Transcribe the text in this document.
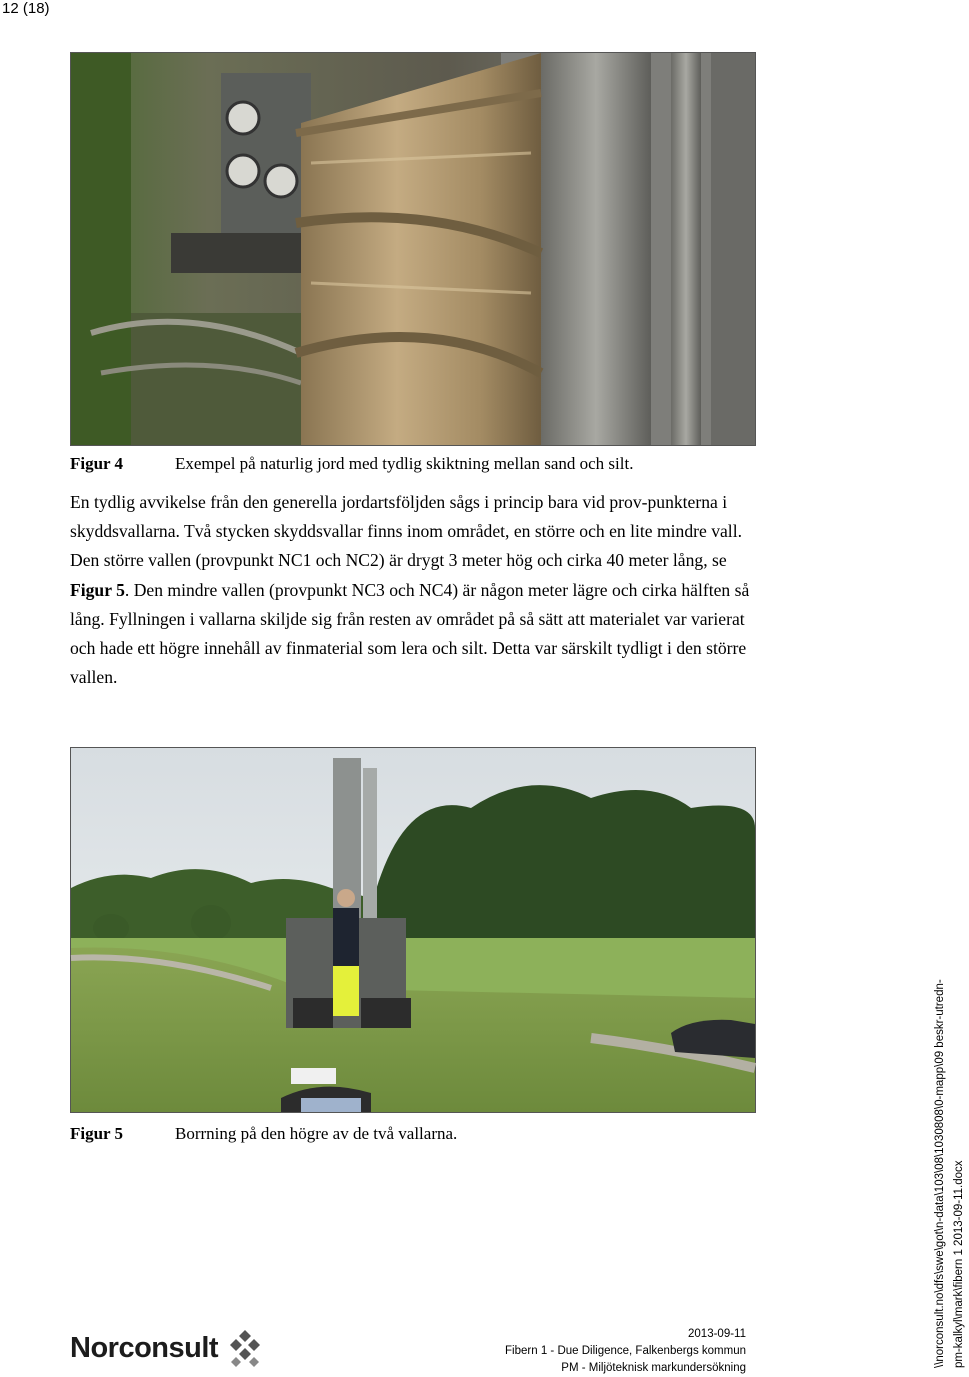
12 (18)
Figur 4	Exempel på naturlig jord med tydlig skiktning mellan sand och silt.

En tydlig avvikelse från den generella jordartsföljden sågs i princip bara vid prov-punkterna i skyddsvallarna. Två stycken skyddsvallar finns inom området, en större och en lite mindre vall. Den större vallen (provpunkt NC1 och NC2) är drygt 3 meter hög och cirka 40 meter lång, se Figur 5. Den mindre vallen (provpunkt NC3 och NC4) är någon meter lägre och cirka hälften så lång. Fyllningen i vallarna skiljde sig från resten av området på så sätt att materialet var varierat och hade ett högre innehåll av finmaterial som lera och silt. Detta var särskilt tydligt i den större vallen.

Figur 5	Borrning på den högre av de två vallarna.	\\norconsult.no\dfs\swe\got\n-data\103\08\1030808\0-mapp\09 beskr-utredn- pm-kalkyl\mark\fibern 1 2013-09-11.docx
Norconsult	2013-09-11
Fibern 1 - Due Diligence, Falkenbergs kommun
PM - Miljöteknisk markundersökning
